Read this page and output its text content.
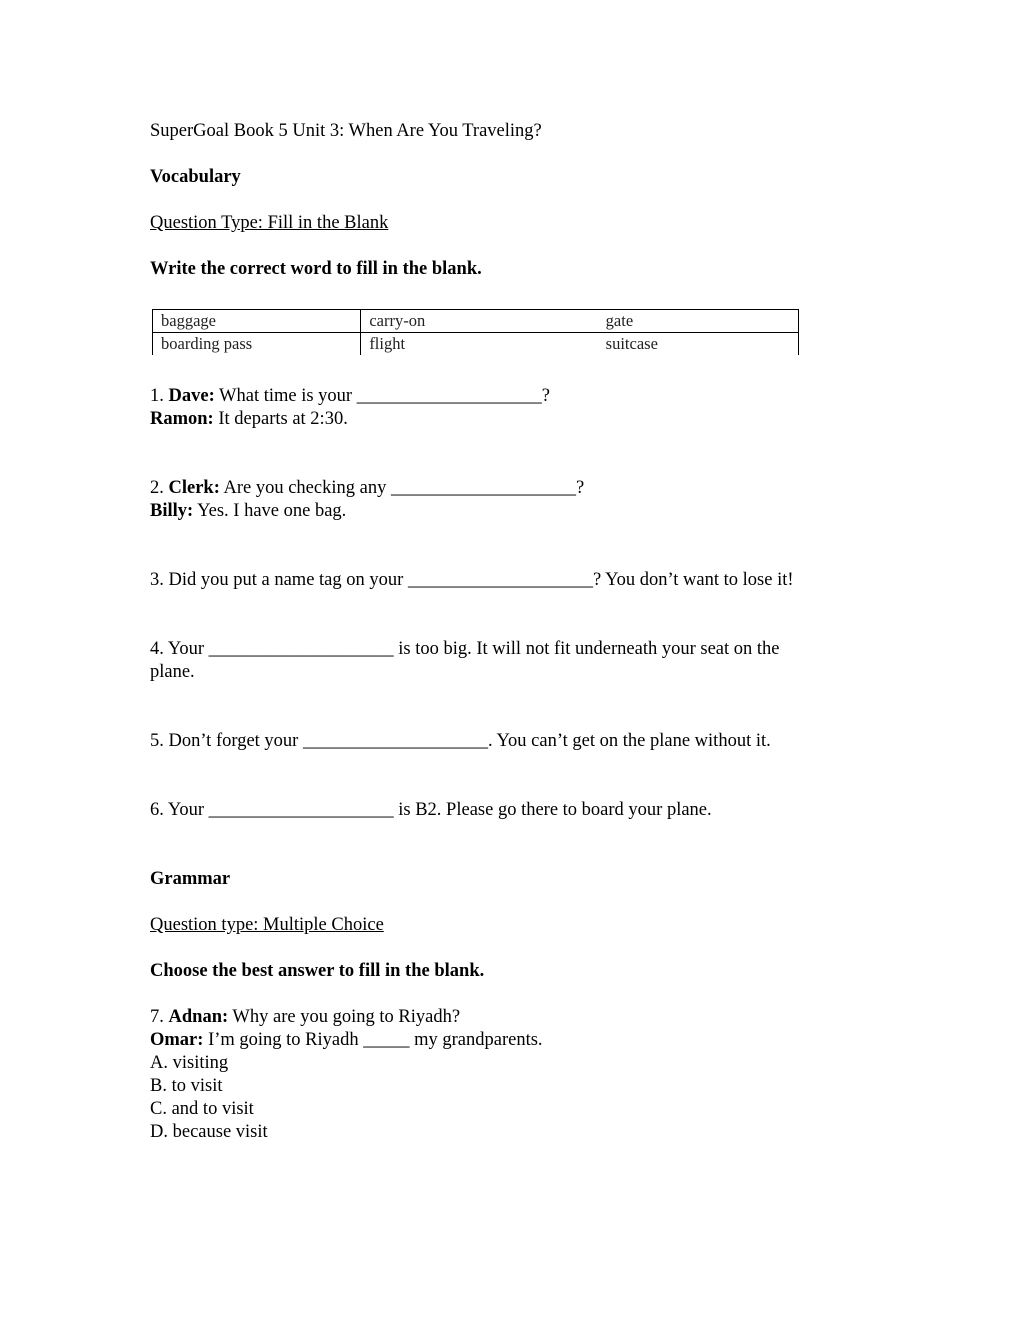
SuperGoal Book 5 Unit 3: When Are You Traveling?
Vocabulary
Question Type: Fill in the Blank
Write the correct word to fill in the blank.
baggage	carry-on	gate
boarding pass	flight	suitcase
1. Dave: What time is your ____________________?
Ramon: It departs at 2:30.
2. Clerk: Are you checking any ____________________?
Billy: Yes. I have one bag.
3. Did you put a name tag on your ____________________? You don’t want to lose it!
4. Your ____________________ is too big. It will not fit underneath your seat on the
plane.
5. Don’t forget your ____________________. You can’t get on the plane without it.
6. Your ____________________ is B2. Please go there to board your plane.
Grammar
Question type: Multiple Choice
Choose the best answer to fill in the blank.
7. Adnan: Why are you going to Riyadh?
Omar: I’m going to Riyadh _____ my grandparents.
A. visiting
B. to visit
C. and to visit
D. because visit
